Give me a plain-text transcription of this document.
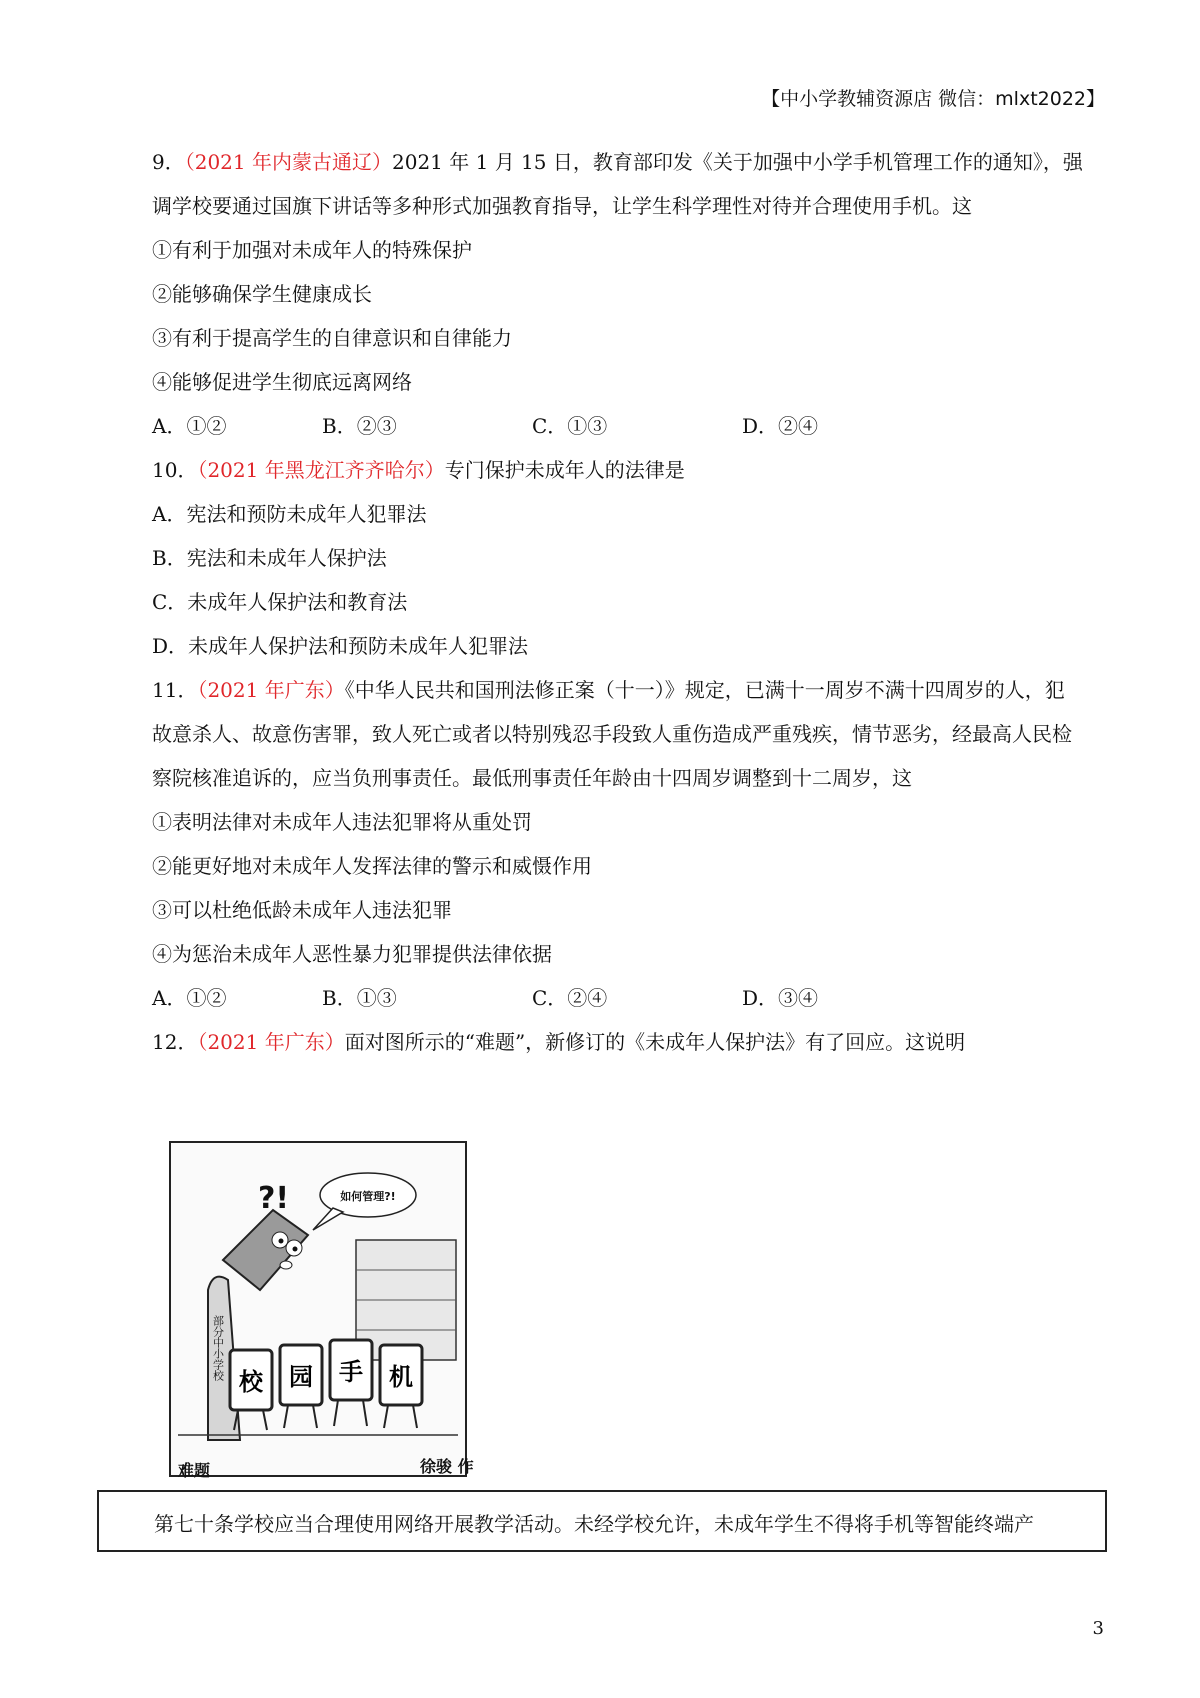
【中小学教辅资源店 微信：mlxt2022】
9．（2021 年内蒙古通辽）2021 年 1 月 15 日，教育部印发《关于加强中小学手机管理工作的通知》，强
调学校要通过国旗下讲话等多种形式加强教育指导，让学生科学理性对待并合理使用手机。这
①有利于加强对未成年人的特殊保护
②能够确保学生健康成长
③有利于提高学生的自律意识和自律能力
④能够促进学生彻底远离网络
A．①②	B．②③	C．①③	D．②④
10．（2021 年黑龙江齐齐哈尔）专门保护未成年人的法律是
A．宪法和预防未成年人犯罪法
B．宪法和未成年人保护法
C．未成年人保护法和教育法
D．未成年人保护法和预防未成年人犯罪法
11．（2021 年广东）《中华人民共和国刑法修正案（十一）》规定，已满十一周岁不满十四周岁的人，犯
故意杀人、故意伤害罪，致人死亡或者以特别残忍手段致人重伤造成严重残疾，情节恶劣，经最高人民检
察院核准追诉的，应当负刑事责任。最低刑事责任年龄由十四周岁调整到十二周岁，这
①表明法律对未成年人违法犯罪将从重处罚
②能更好地对未成年人发挥法律的警示和威慑作用
③可以杜绝低龄未成年人违法犯罪
④为惩治未成年人恶性暴力犯罪提供法律依据
A．①②	B．①③	C．②④	D．③④
12．（2021 年广东）面对图所示的“难题”，新修订的《未成年人保护法》有了回应。这说明
部分中小学校
?!	如何管理?!
校 园 手 机
难题	徐骏 作
第七十条学校应当合理使用网络开展教学活动。未经学校允许，未成年学生不得将手机等智能终端产
3
